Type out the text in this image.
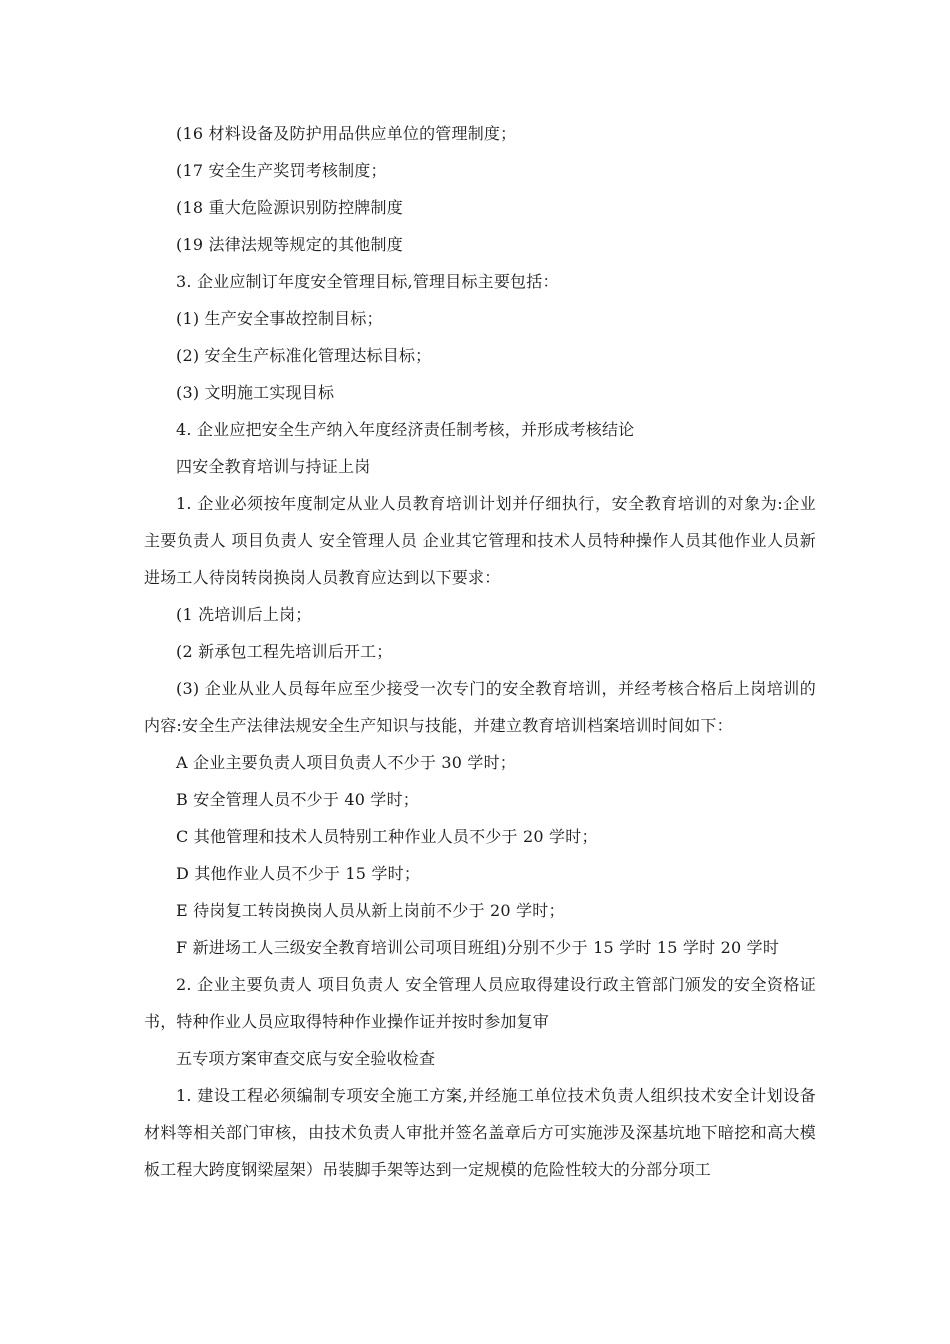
(16 材料设备及防护用品供应单位的管理制度；

(17 安全生产奖罚考核制度；

(18 重大危险源识别防控牌制度

(19 法律法规等规定的其他制度

3. 企业应制订年度安全管理目标,管理目标主要包括：

(1) 生产安全事故控制目标；

(2) 安全生产标准化管理达标目标；

(3) 文明施工实现目标

4. 企业应把安全生产纳入年度经济责任制考核，并形成考核结论

四安全教育培训与持证上岗

1. 企业必须按年度制定从业人员教育培训计划并仔细执行，安全教育培训的对象为:企业主要负责人 项目负责人 安全管理人员 企业其它管理和技术人员特种操作人员其他作业人员新进场工人待岗转岗换岗人员教育应达到以下要求：

(1 冼培训后上岗；

(2 新承包工程先培训后开工；

(3) 企业从业人员每年应至少接受一次专门的安全教育培训，并经考核合格后上岗培训的内容:安全生产法律法规安全生产知识与技能，并建立教育培训档案培训时间如下：

A 企业主要负责人项目负责人不少于 30 学时；

B 安全管理人员不少于 40 学时；

C 其他管理和技术人员特别工种作业人员不少于 20 学时；

D 其他作业人员不少于 15 学时；

E 待岗复工转岗换岗人员从新上岗前不少于 20 学时；

F 新进场工人三级安全教育培训公司项目班组)分别不少于 15 学时 15 学时 20 学时

2. 企业主要负责人 项目负责人 安全管理人员应取得建设行政主管部门颁发的安全资格证书，特种作业人员应取得特种作业操作证并按时参加复审

五专项方案审查交底与安全验收检查

1. 建设工程必须编制专项安全施工方案,并经施工单位技术负责人组织技术安全计划设备材料等相关部门审核，由技术负责人审批并签名盖章后方可实施涉及深基坑地下暗挖和高大模板工程大跨度钢梁屋架）吊装脚手架等达到一定规模的危险性较大的分部分项工
